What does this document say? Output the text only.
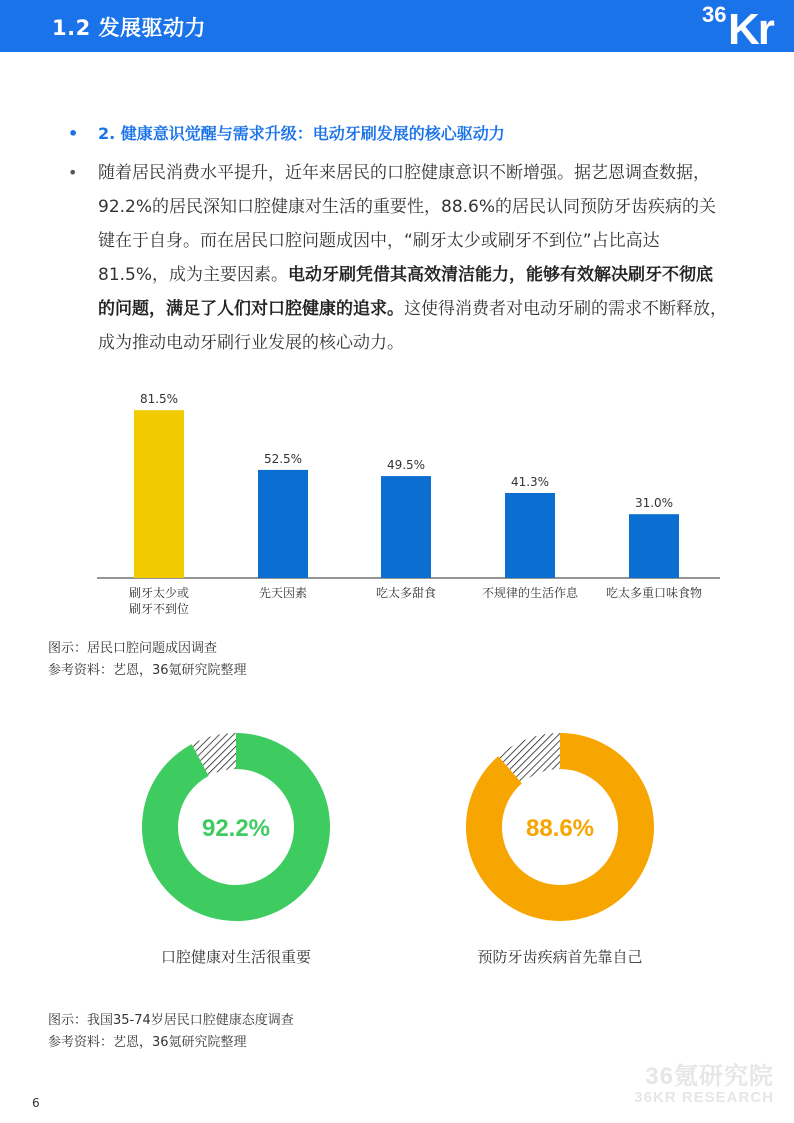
1.2 发展驱动力
36 Kr
• 2. 健康意识觉醒与需求升级：电动牙刷发展的核心驱动力
• 随着居民消费水平提升，近年来居民的口腔健康意识不断增强。据艺恩调查数据，92.2%的居民深知口腔健康对生活的重要性，88.6%的居民认同预防牙齿疾病的关键在于自身。而在居民口腔问题成因中，“刷牙太少或刷牙不到位”占比高达81.5%，成为主要因素。电动牙刷凭借其高效清洁能力，能够有效解决刷牙不彻底的问题，满足了人们对口腔健康的追求。这使得消费者对电动牙刷的需求不断释放，成为推动电动牙刷行业发展的核心动力。
81.5%
刷牙太少或
刷牙不到位
52.5%
先天因素
49.5%
吃太多甜食
41.3%
不规律的生活作息
31.0%
吃太多重口味食物
图示：居民口腔问题成因调查
参考资料：艺恩，36氪研究院整理
92.2%	88.6%
口腔健康对生活很重要	预防牙齿疾病首先靠自己
图示：我国35-74岁居民口腔健康态度调查
参考资料：艺恩，36氪研究院整理
36氪研究院
36KR RESEARCH
6
